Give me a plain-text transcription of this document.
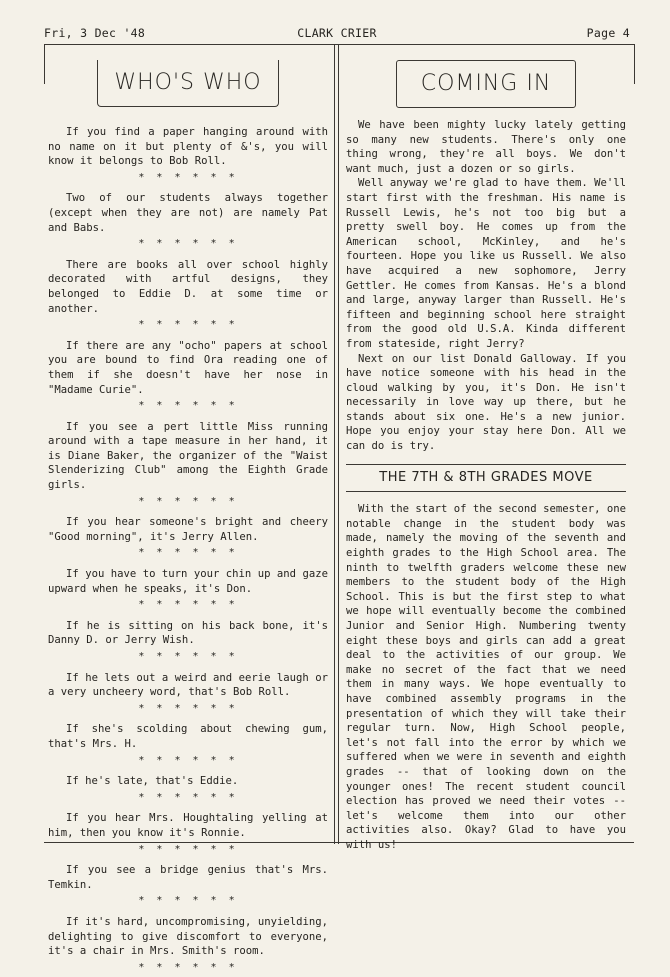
Fri, 3 Dec '48	CLARK CRIER	Page 4
WHO'S WHO

If you find a paper hanging around with no name on it but plenty of &'s, you will know it belongs to Bob Roll.

* * * * * *

Two of our students always together (except when they are not) are namely Pat and Babs.

* * * * * *

There are books all over school highly decorated with artful designs, they belonged to Eddie D. at some time or another.

* * * * * *

If there are any "ocho" papers at school you are bound to find Ora reading one of them if she doesn't have her nose in "Madame Curie".

* * * * * *

If you see a pert little Miss running around with a tape measure in her hand, it is Diane Baker, the organizer of the "Waist Slenderizing Club" among the Eighth Grade girls.

* * * * * *

If you hear someone's bright and cheery "Good morning", it's Jerry Allen.

* * * * * *

If you have to turn your chin up and gaze upward when he speaks, it's Don.

* * * * * *

If he is sitting on his back bone, it's Danny D. or Jerry Wish.

* * * * * *

If he lets out a weird and eerie laugh or a very uncheery word, that's Bob Roll.

* * * * * *

If she's scolding about chewing gum, that's Mrs. H.

* * * * * *

If he's late, that's Eddie.

* * * * * *

If you hear Mrs. Houghtaling yelling at him, then you know it's Ronnie.

* * * * * *

If you see a bridge genius that's Mrs. Temkin.

* * * * * *

If it's hard, uncompromising, unyielding, delighting to give discomfort to everyone, it's a chair in Mrs. Smith's room.

* * * * * *
COMING IN

We have been mighty lucky lately getting so many new students. There's only one thing wrong, they're all boys. We don't want much, just a dozen or so girls.

Well anyway we're glad to have them. We'll start first with the freshman. His name is Russell Lewis, he's not too big but a pretty swell boy. He comes up from the American school, McKinley, and he's fourteen. Hope you like us Russell. We also have acquired a new sophomore, Jerry Gettler. He comes from Kansas. He's a blond and large, anyway larger than Russell. He's fifteen and beginning school here straight from the good old U.S.A. Kinda different from stateside, right Jerry?

Next on our list Donald Galloway. If you have notice someone with his head in the cloud walking by you, it's Don. He isn't necessarily in love way up there, but he stands about six one. He's a new junior. Hope you enjoy your stay here Don. All we can do is try.

THE 7TH & 8TH GRADES MOVE

With the start of the second semester, one notable change in the student body was made, namely the moving of the seventh and eighth grades to the High School area. The ninth to twelfth graders welcome these new members to the student body of the High School. This is but the first step to what we hope will eventually become the combined Junior and Senior High. Numbering twenty eight these boys and girls can add a great deal to the activities of our group. We make no secret of the fact that we need them in many ways. We hope eventually to have combined assembly programs in the presentation of which they will take their regular turn. Now, High School people, let's not fall into the error by which we suffered when we were in seventh and eighth grades -- that of looking down on the younger ones! The recent student council election has proved we need their votes --let's welcome them into our other activities also. Okay? Glad to have you with us!
